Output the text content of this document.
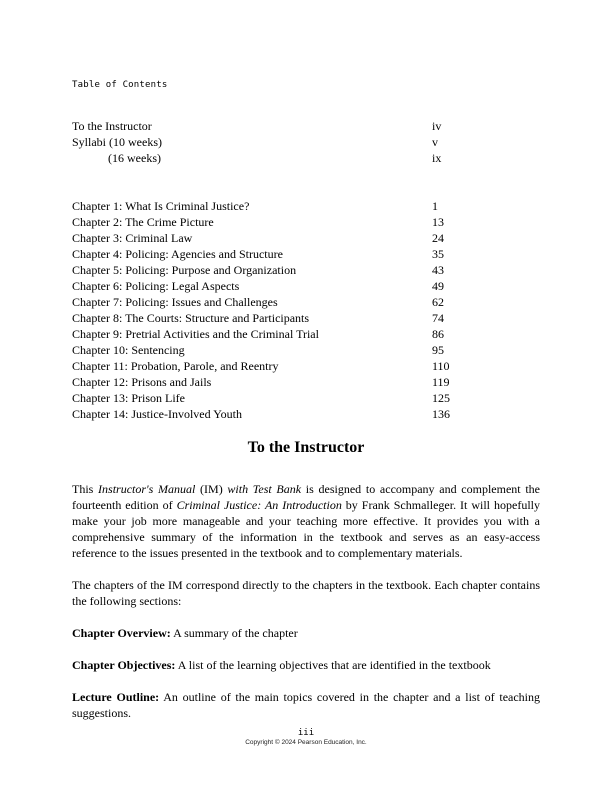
Table of Contents
To the Instructor	iv
Syllabi (10 weeks)	v
(16 weeks)	ix
Chapter 1: What Is Criminal Justice?	1
Chapter 2: The Crime Picture	13
Chapter 3: Criminal Law	24
Chapter 4: Policing: Agencies and Structure	35
Chapter 5: Policing: Purpose and Organization	43
Chapter 6: Policing: Legal Aspects	49
Chapter 7: Policing: Issues and Challenges	62
Chapter 8: The Courts: Structure and Participants	74
Chapter 9: Pretrial Activities and the Criminal Trial	86
Chapter 10: Sentencing	95
Chapter 11: Probation, Parole, and Reentry	110
Chapter 12: Prisons and Jails	119
Chapter 13: Prison Life	125
Chapter 14: Justice-Involved Youth	136
To the Instructor
This Instructor's Manual (IM) with Test Bank is designed to accompany and complement the fourteenth edition of Criminal Justice: An Introduction by Frank Schmalleger. It will hopefully make your job more manageable and your teaching more effective. It provides you with a comprehensive summary of the information in the textbook and serves as an easy-access reference to the issues presented in the textbook and to complementary materials.
The chapters of the IM correspond directly to the chapters in the textbook. Each chapter contains the following sections:
Chapter Overview: A summary of the chapter
Chapter Objectives: A list of the learning objectives that are identified in the textbook
Lecture Outline: An outline of the main topics covered in the chapter and a list of teaching suggestions.
iii
Copyright © 2024 Pearson Education, Inc.
